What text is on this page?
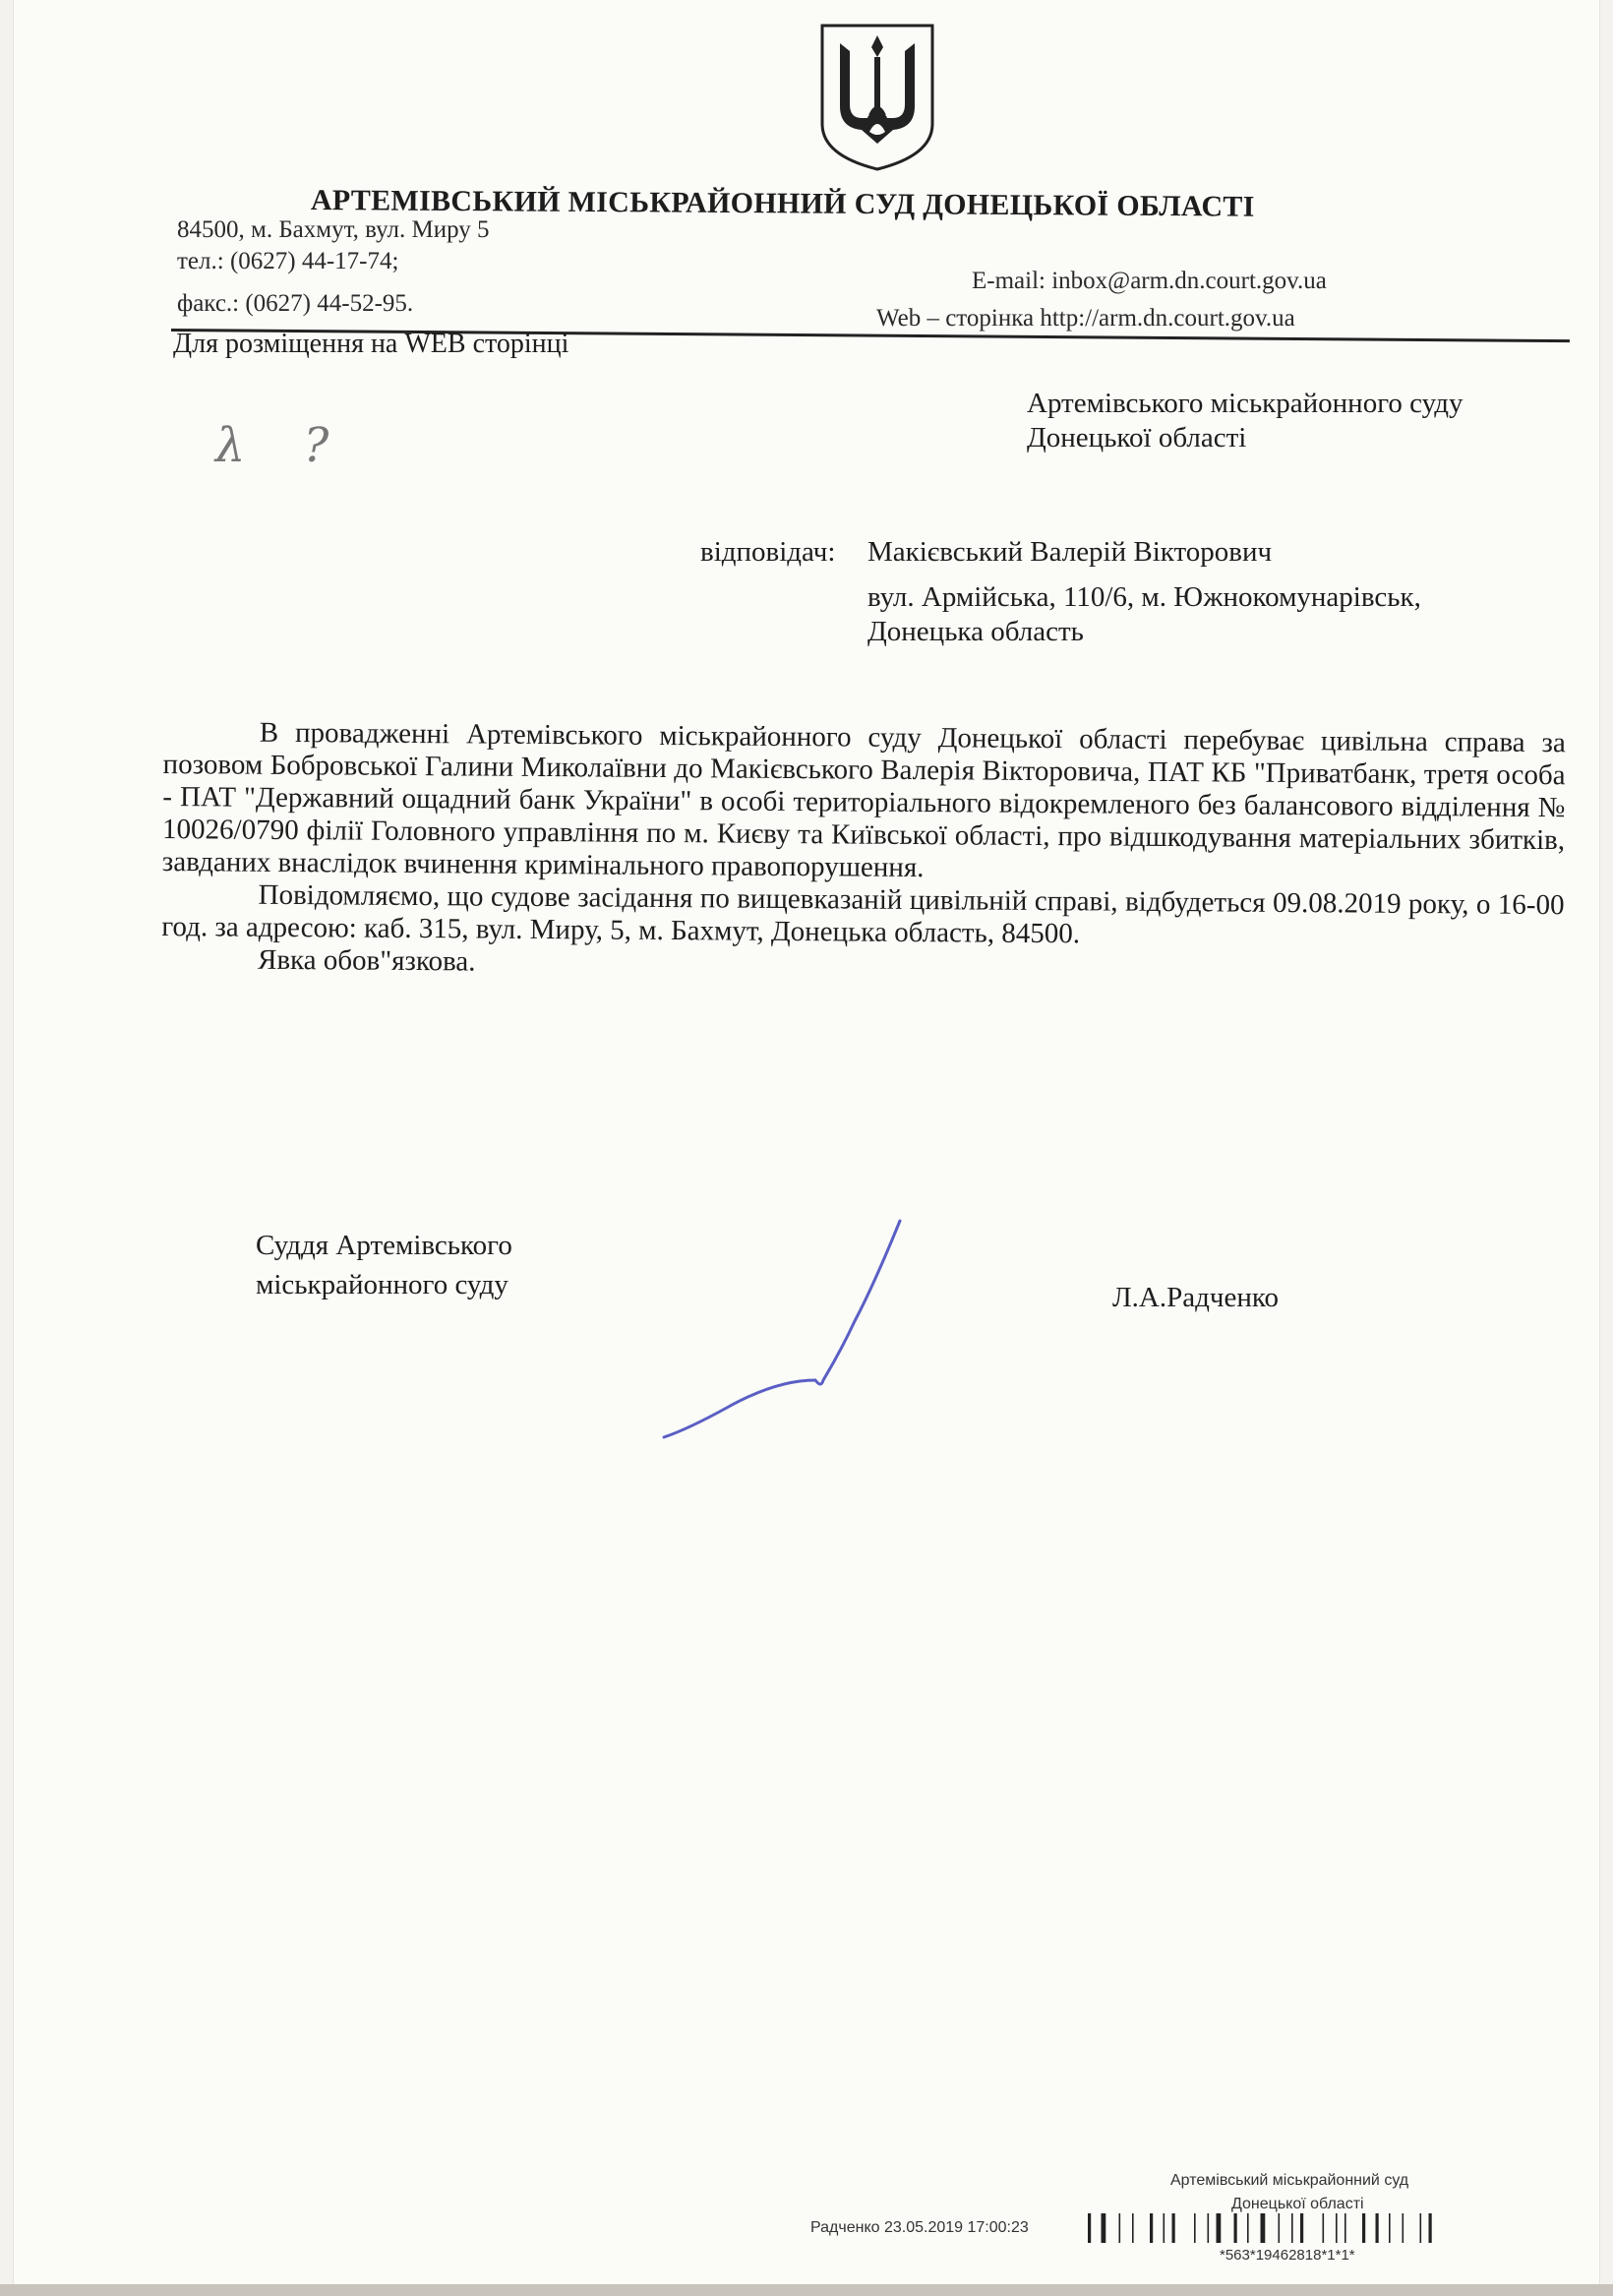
АРТЕМІВСЬКИЙ МІСЬКРАЙОННИЙ СУД ДОНЕЦЬКОЇ ОБЛАСТІ
84500, м. Бахмут, вул. Миру 5
тел.: (0627) 44-17-74;
факс.: (0627) 44-52-95.
E-mail: inbox@arm.dn.court.gov.ua
Web – сторінка http://arm.dn.court.gov.ua
Для розміщення на WEB сторінці
Артемівського міськрайонного суду
Донецької області
λ ?
відповідач: Макієвський Валерій Вікторович
вул. Армійська, 110/6, м. Южнокомунарівськ,
Донецька область

В провадженні Артемівського міськрайонного суду Донецької області перебуває цивільна справа за позовом Бобровської Галини Миколаївни до Макієвського Валерія Вікторовича, ПАТ КБ "Приватбанк, третя особа - ПАТ "Державний ощадний банк України" в особі територіального відокремленого без балансового відділення № 10026/0790 філії Головного управління по м. Києву та Київської області, про відшкодування матеріальних збитків, завданих внаслідок вчинення кримінального правопорушення.

Повідомляємо, що судове засідання по вищевказаній цивільній справі, відбудеться 09.08.2019 року, о 16-00 год. за адресою: каб. 315, вул. Миру, 5, м. Бахмут, Донецька область, 84500.

Явка обов"язкова.

Суддя Артемівського
міськрайонного суду	Л.А.Радченко
Артемівський міськрайонний суд
Донецької області
Радченко 23.05.2019 17:00:23
*563*19462818*1*1*
